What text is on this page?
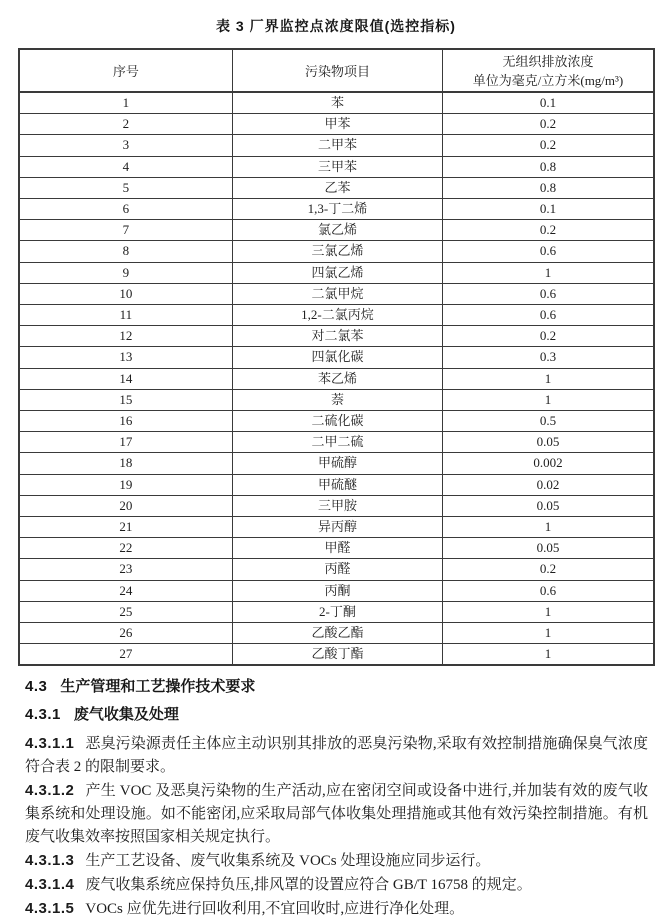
表 3 厂界监控点浓度限值(选控指标)
序号	污染物项目	无组织排放浓度
单位为毫克/立方米(mg/m³)

1	苯	0.1
2	甲苯	0.2
3	二甲苯	0.2
4	三甲苯	0.8
5	乙苯	0.8
6	1,3-丁二烯	0.1
7	氯乙烯	0.2
8	三氯乙烯	0.6
9	四氯乙烯	1
10	二氯甲烷	0.6
11	1,2-二氯丙烷	0.6
12	对二氯苯	0.2
13	四氯化碳	0.3
14	苯乙烯	1
15	萘	1
16	二硫化碳	0.5
17	二甲二硫	0.05
18	甲硫醇	0.002
19	甲硫醚	0.02
20	三甲胺	0.05
21	异丙醇	1
22	甲醛	0.05
23	丙醛	0.2
24	丙酮	0.6
25	2-丁酮	1
26	乙酸乙酯	1
27	乙酸丁酯	1
4.3 生产管理和工艺操作技术要求
4.3.1 废气收集及处理

4.3.1.1 恶臭污染源责任主体应主动识别其排放的恶臭污染物,采取有效控制措施确保臭气浓度符合表 2 的限制要求。

4.3.1.2 产生 VOC 及恶臭污染物的生产活动,应在密闭空间或设备中进行,并加装有效的废气收集系统和处理设施。如不能密闭,应采取局部气体收集处理措施或其他有效污染控制措施。有机废气收集效率按照国家相关规定执行。

4.3.1.3 生产工艺设备、废气收集系统及 VOCs 处理设施应同步运行。

4.3.1.4 废气收集系统应保持负压,排风罩的设置应符合 GB/T 16758 的规定。

4.3.1.5 VOCs 应优先进行回收利用,不宜回收时,应进行净化处理。
